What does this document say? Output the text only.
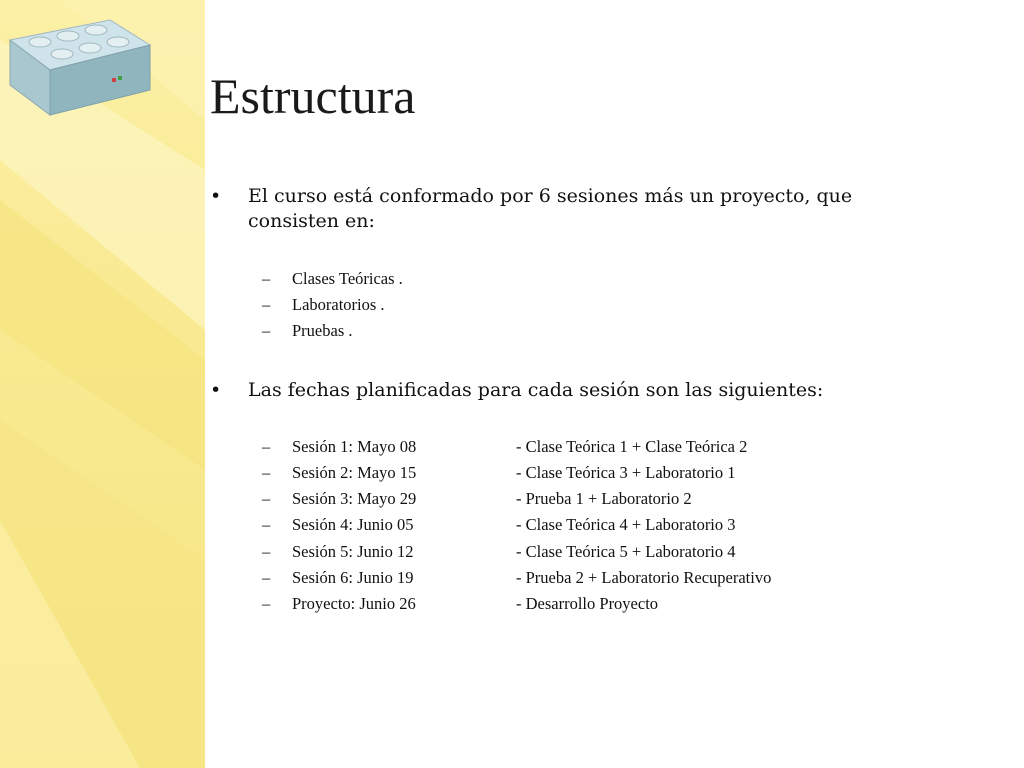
Estructura
•	El curso está conformado por 6 sesiones más un proyecto, que consisten en:
– Clases Teóricas .
– Laboratorios .
– Pruebas .
•	Las fechas planificadas para cada sesión son las siguientes:
– Sesión 1: Mayo 08	- Clase Teórica 1 + Clase Teórica 2
– Sesión 2: Mayo 15	- Clase Teórica 3 + Laboratorio 1
– Sesión 3: Mayo 29	- Prueba 1 + Laboratorio 2
– Sesión 4: Junio 05	- Clase Teórica 4 + Laboratorio 3
– Sesión 5: Junio 12	- Clase Teórica 5 + Laboratorio 4
– Sesión 6: Junio 19	- Prueba 2 + Laboratorio Recuperativo
– Proyecto: Junio 26	- Desarrollo Proyecto
